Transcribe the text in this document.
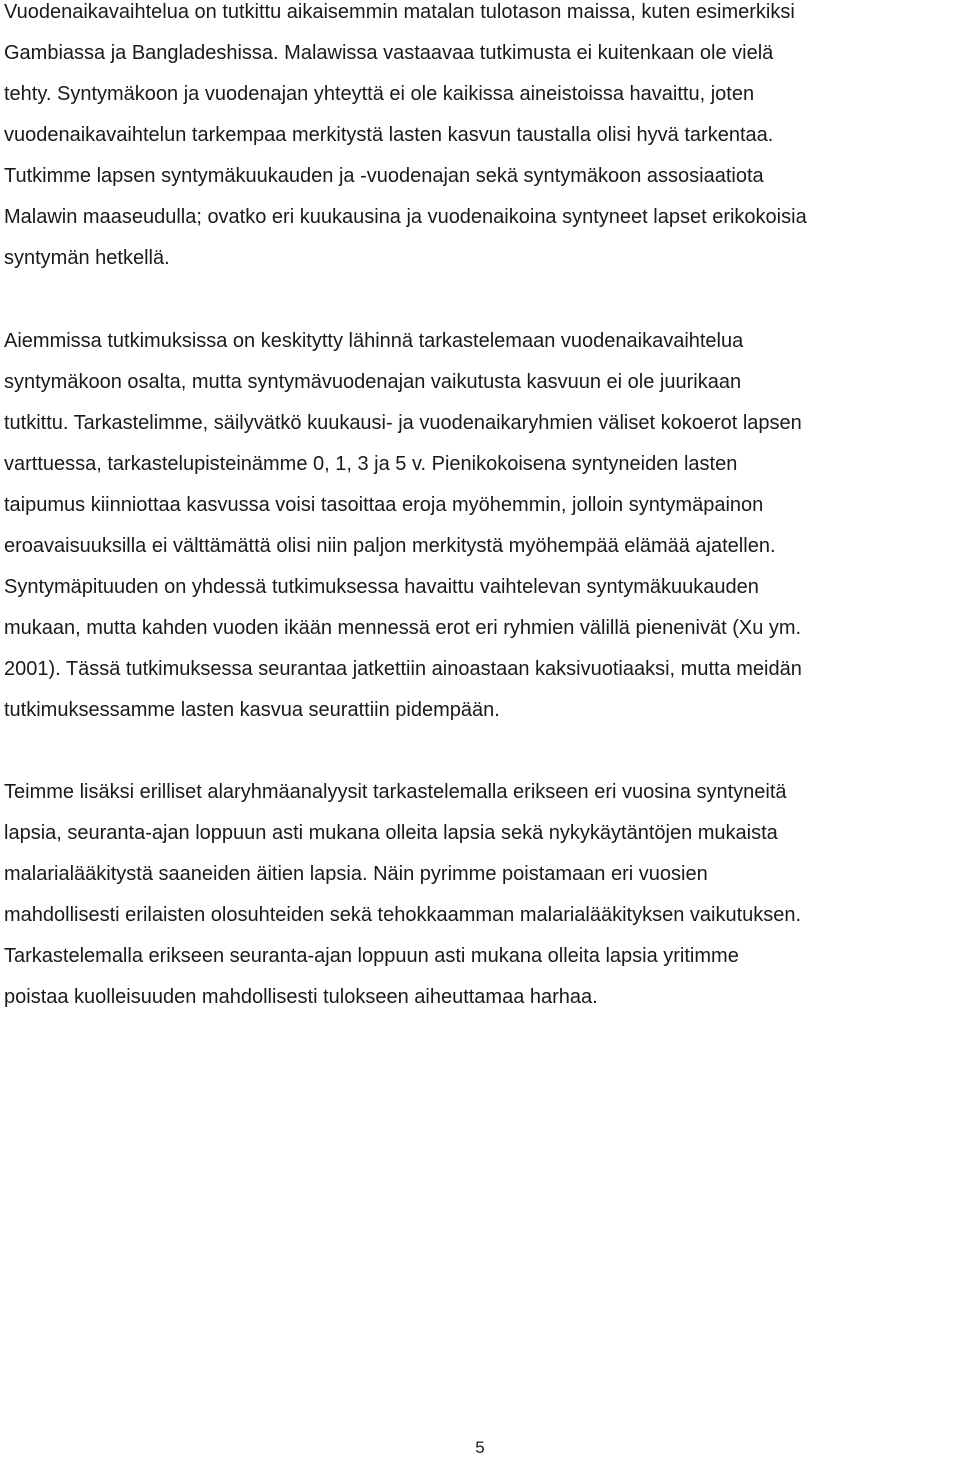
Vuodenaikavaihtelua on tutkittu aikaisemmin matalan tulotason maissa, kuten esimerkiksi

Gambiassa ja Bangladeshissa. Malawissa vastaavaa tutkimusta ei kuitenkaan ole vielä

tehty. Syntymäkoon ja vuodenajan yhteyttä ei ole kaikissa aineistoissa havaittu, joten

vuodenaikavaihtelun tarkempaa merkitystä lasten kasvun taustalla olisi hyvä tarkentaa.

Tutkimme lapsen syntymäkuukauden ja -vuodenajan sekä syntymäkoon assosiaatiota

Malawin maaseudulla; ovatko eri kuukausina ja vuodenaikoina syntyneet lapset erikokoisia

syntymän hetkellä.

Aiemmissa tutkimuksissa on keskitytty lähinnä tarkastelemaan vuodenaikavaihtelua

syntymäkoon osalta, mutta syntymävuodenajan vaikutusta kasvuun ei ole juurikaan

tutkittu. Tarkastelimme, säilyvätkö kuukausi- ja vuodenaikaryhmien väliset kokoerot lapsen

varttuessa, tarkastelupisteinämme 0, 1, 3 ja 5 v. Pienikokoisena syntyneiden lasten

taipumus kiinniottaa kasvussa voisi tasoittaa eroja myöhemmin, jolloin syntymäpainon

eroavaisuuksilla ei välttämättä olisi niin paljon merkitystä myöhempää elämää ajatellen.

Syntymäpituuden on yhdessä tutkimuksessa havaittu vaihtelevan syntymäkuukauden

mukaan, mutta kahden vuoden ikään mennessä erot eri ryhmien välillä pienenivät (Xu ym.

2001). Tässä tutkimuksessa seurantaa jatkettiin ainoastaan kaksivuotiaaksi, mutta meidän

tutkimuksessamme lasten kasvua seurattiin pidempään.

Teimme lisäksi erilliset alaryhmäanalyysit tarkastelemalla erikseen eri vuosina syntyneitä

lapsia, seuranta-ajan loppuun asti mukana olleita lapsia sekä nykykäytäntöjen mukaista

malarialääkitystä saaneiden äitien lapsia. Näin pyrimme poistamaan eri vuosien

mahdollisesti erilaisten olosuhteiden sekä tehokkaamman malarialääkityksen vaikutuksen.

Tarkastelemalla erikseen seuranta-ajan loppuun asti mukana olleita lapsia yritimme

poistaa kuolleisuuden mahdollisesti tulokseen aiheuttamaa harhaa.

5
